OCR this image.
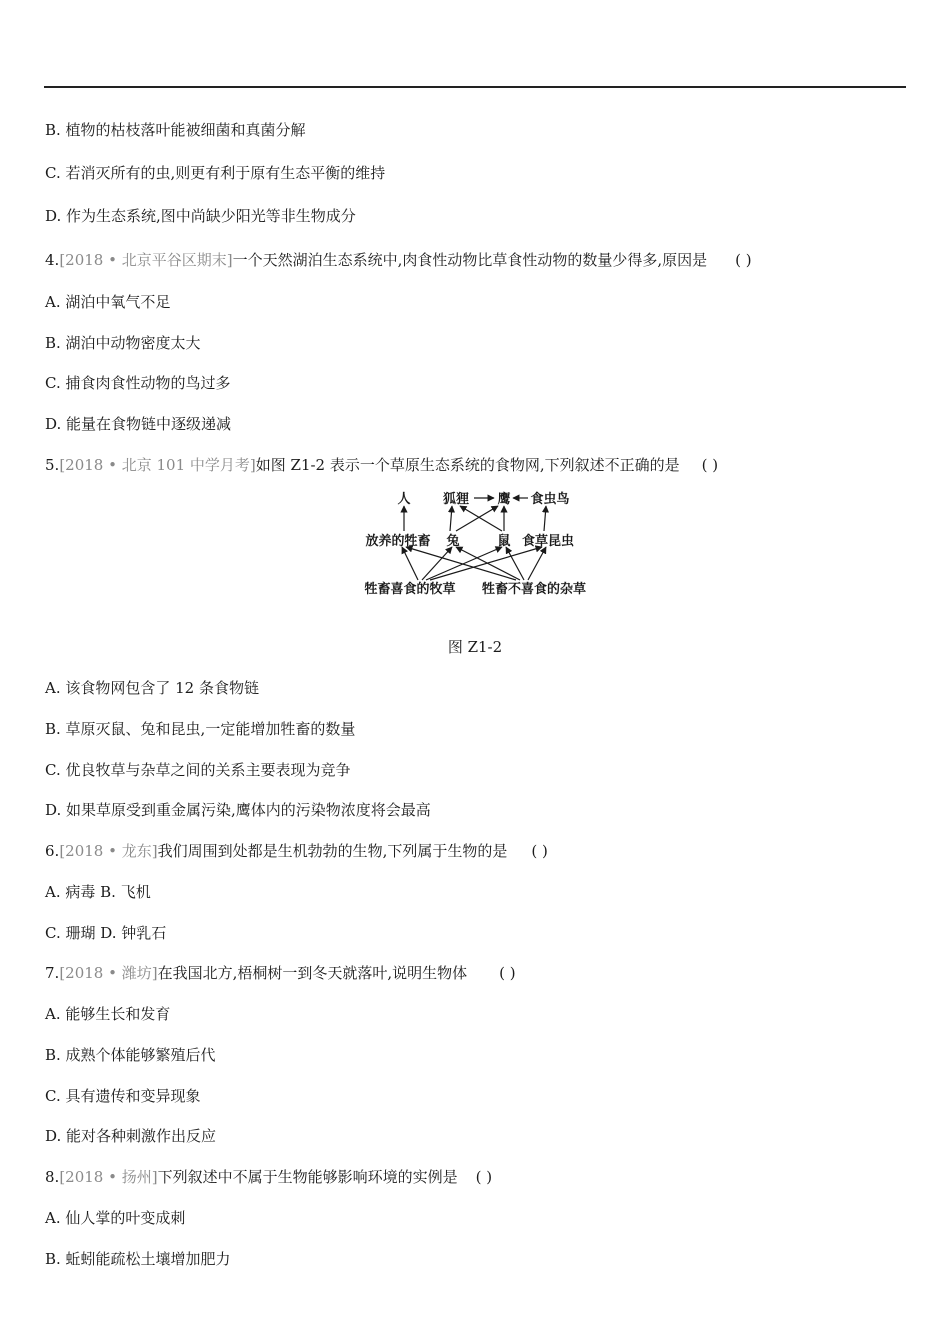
B. 植物的枯枝落叶能被细菌和真菌分解
C. 若消灭所有的虫,则更有利于原有生态平衡的维持
D. 作为生态系统,图中尚缺少阳光等非生物成分
4.[2018 • 北京平谷区期末]一个天然湖泊生态系统中,肉食性动物比草食性动物的数量少得多,原因是 ( )
A. 湖泊中氧气不足
B. 湖泊中动物密度太大
C. 捕食肉食性动物的鸟过多
D. 能量在食物链中逐级递减
5.[2018 • 北京 101 中学月考]如图 Z1-2 表示一个草原生态系统的食物网,下列叙述不正确的是 ( )
人 狐狸 鹰 食虫鸟
放养的牲畜 兔	鼠 食草昆虫
牲畜喜食的牧草 牲畜不喜食的杂草
图 Z1-2
A. 该食物网包含了 12 条食物链
B. 草原灭鼠、兔和昆虫,一定能增加牲畜的数量
C. 优良牧草与杂草之间的关系主要表现为竞争
D. 如果草原受到重金属污染,鹰体内的污染物浓度将会最高
6.[2018 • 龙东]我们周围到处都是生机勃勃的生物,下列属于生物的是 ( )
A. 病毒 B. 飞机
C. 珊瑚 D. 钟乳石
7.[2018 • 潍坊]在我国北方,梧桐树一到冬天就落叶,说明生物体 ( )
A. 能够生长和发育
B. 成熟个体能够繁殖后代
C. 具有遗传和变异现象
D. 能对各种刺激作出反应
8.[2018 • 扬州]下列叙述中不属于生物能够影响环境的实例是 ( )
A. 仙人掌的叶变成刺
B. 蚯蚓能疏松土壤增加肥力
